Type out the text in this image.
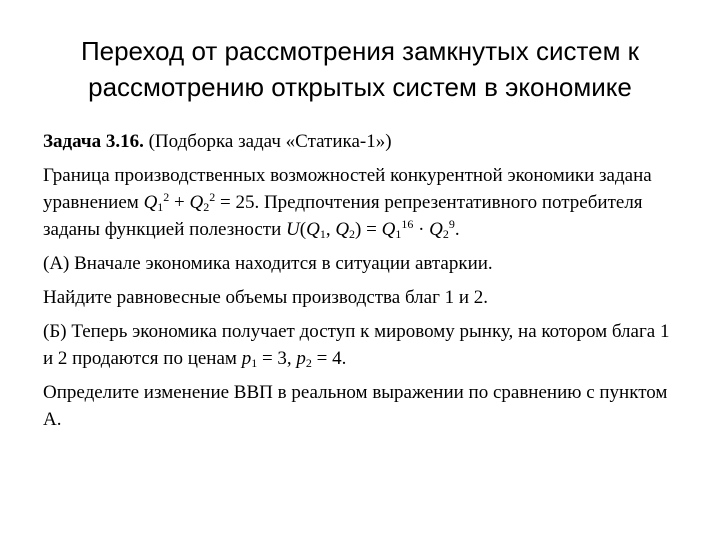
Переход от рассмотрения замкнутых систем к
рассмотрению открытых систем в экономике

Задача 3.16. (Подборка задач «Статика-1»)

Граница производственных возможностей конкурентной экономики задана уравнением $Q_1^2 + Q_2^2 = 25$. Предпочтения репрезентативного потребителя заданы функцией полезности $U(Q_1$, $Q_2) = Q_1^{16} \cdot Q_2^9$.

(А) Вначале экономика находится в ситуации автаркии.

Найдите равновесные объемы производства благ 1 и 2.

(Б) Теперь экономика получает доступ к мировому рынку, на котором блага 1 и 2 продаются по ценам $p_1 = 3$, $p_2 = 4$.

Определите изменение ВВП в реальном выражении по сравнению с пунктом А.
